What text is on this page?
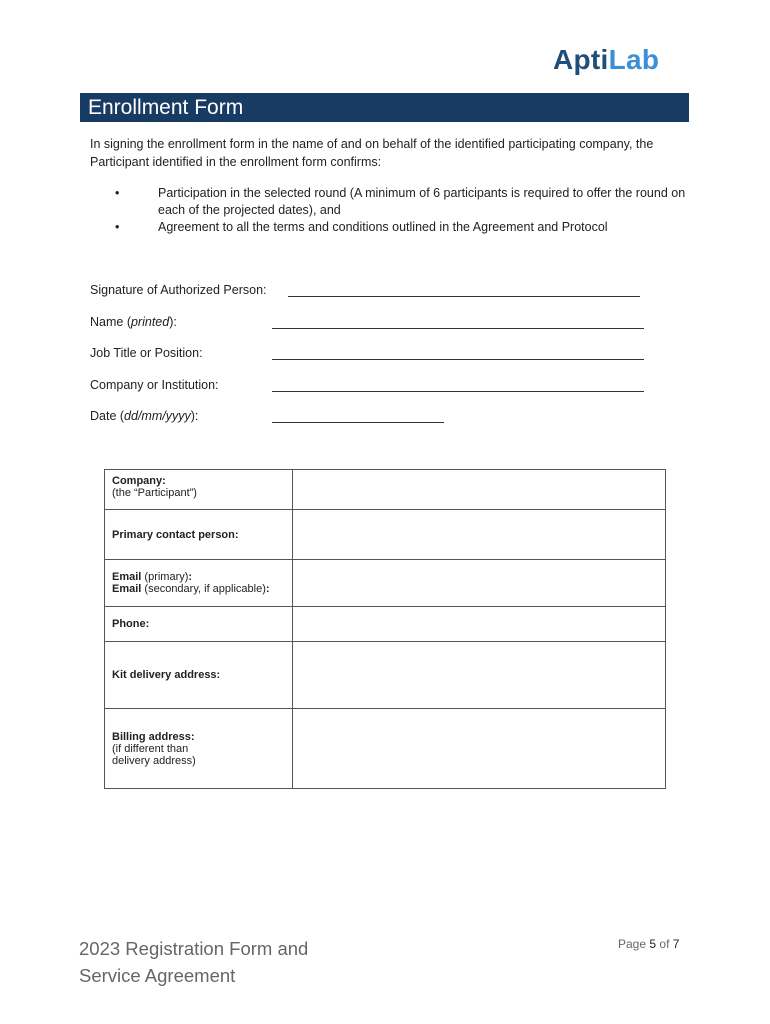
AptiLab
Enrollment Form
In signing the enrollment form in the name of and on behalf of the identified participating company, the Participant identified in the enrollment form confirms:
•	Participation in the selected round (A minimum of 6 participants is required to offer the round on each of the projected dates), and
•	Agreement to all the terms and conditions outlined in the Agreement and Protocol
Signature of Authorized Person:
Name (printed):
Job Title or Position:
Company or Institution:
Date (dd/mm/yyyy):
Company:
(the “Participant”)	

Primary contact person:	

Email (primary):
Email (secondary, if applicable):	

Phone:	
Kit delivery address:	

Billing address:
(if different than
delivery address)	

2023 Registration Form and
Service Agreement
Page 5 of 7
